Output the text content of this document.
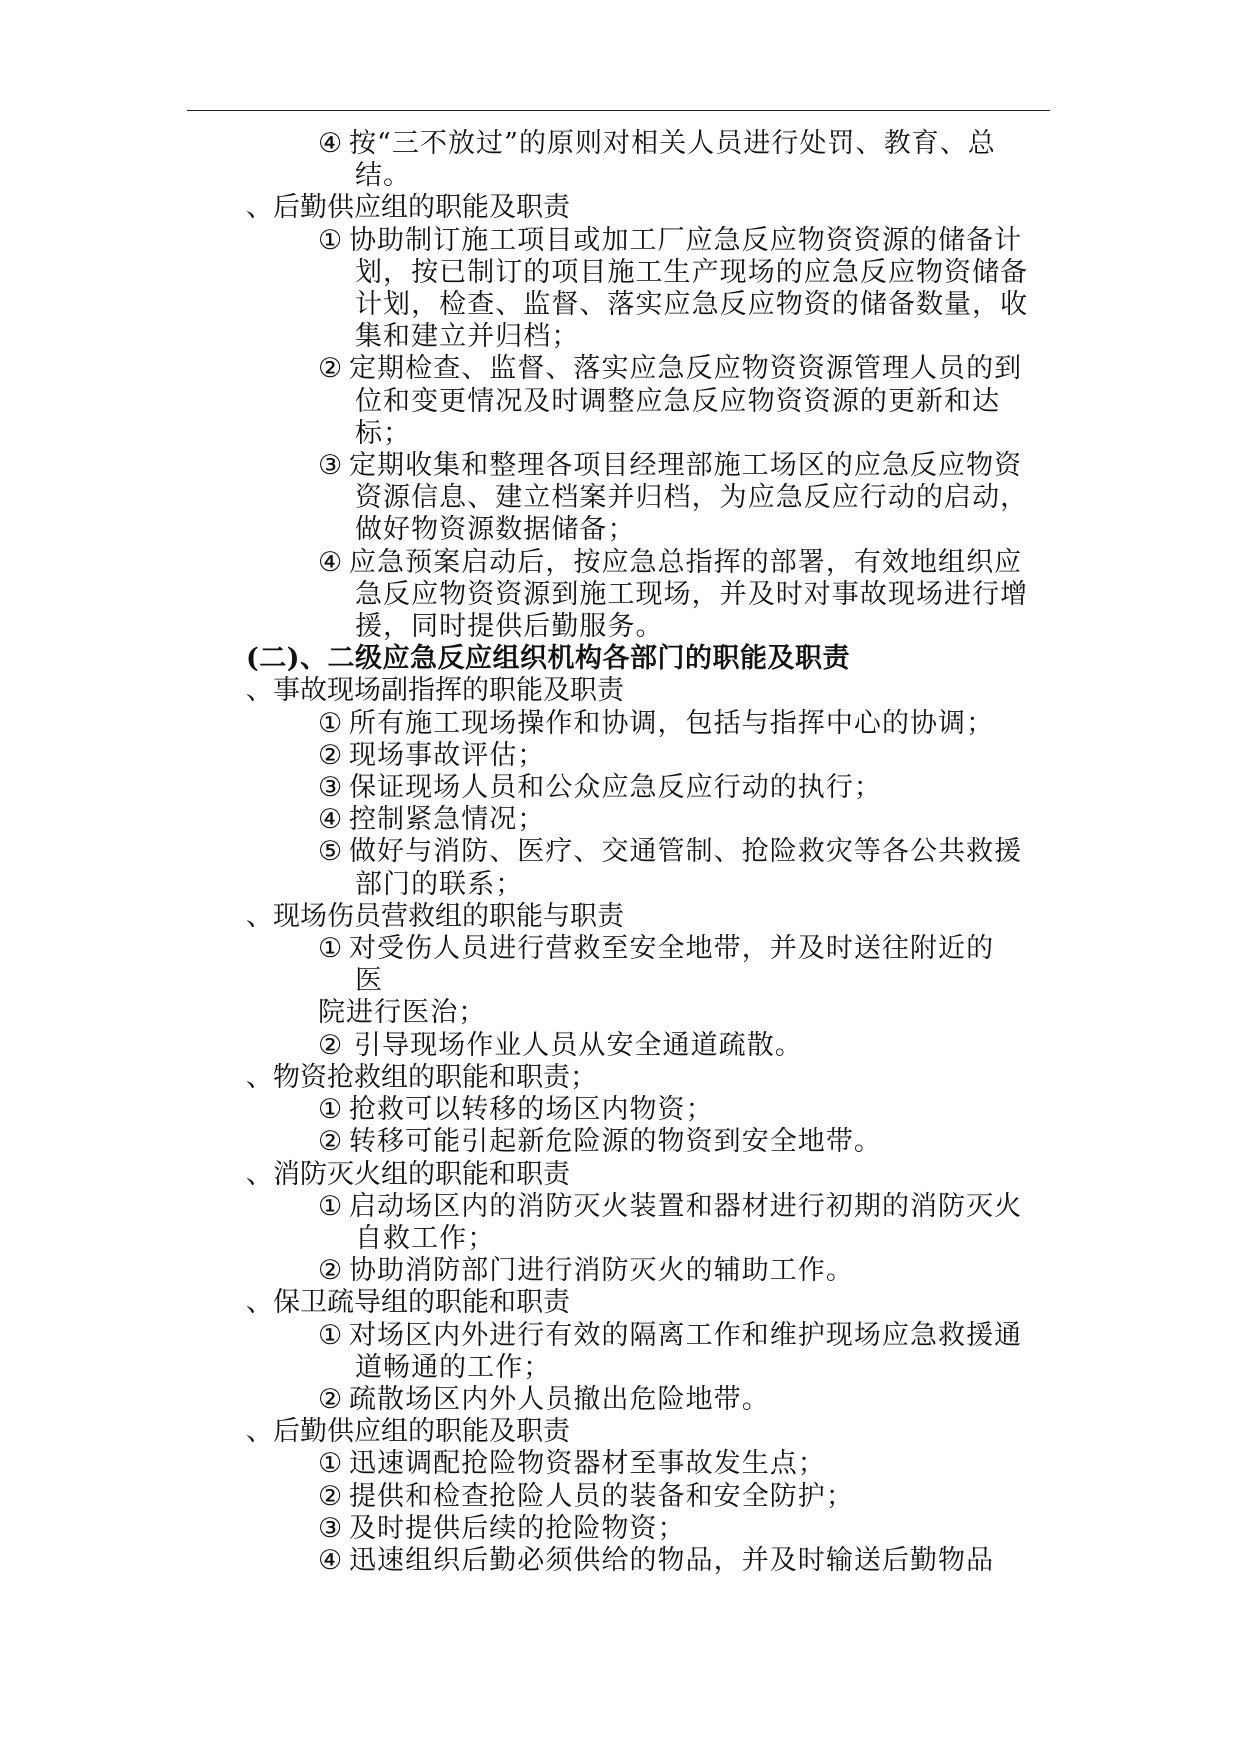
④ 按“三不放过”的原则对相关人员进行处罚、教育、总结。
、后勤供应组的职能及职责
① 协助制订施工项目或加工厂应急反应物资资源的储备计划，按已制订的项目施工生产现场的应急反应物资储备计划，检查、监督、落实应急反应物资的储备数量，收集和建立并归档；
② 定期检查、监督、落实应急反应物资资源管理人员的到位和变更情况及时调整应急反应物资资源的更新和达标；
③ 定期收集和整理各项目经理部施工场区的应急反应物资资源信息、建立档案并归档，为应急反应行动的启动，做好物资源数据储备；
④ 应急预案启动后，按应急总指挥的部署，有效地组织应急反应物资资源到施工现场，并及时对事故现场进行增援，同时提供后勤服务。
(二)、二级应急反应组织机构各部门的职能及职责
、事故现场副指挥的职能及职责
① 所有施工现场操作和协调，包括与指挥中心的协调；
② 现场事故评估；
③ 保证现场人员和公众应急反应行动的执行；
④ 控制紧急情况；
⑤ 做好与消防、医疗、交通管制、抢险救灾等各公共救援部门的联系；
、现场伤员营救组的职能与职责
① 对受伤人员进行营救至安全地带，并及时送往附近的
医
院进行医治；
② 引导现场作业人员从安全通道疏散。
、物资抢救组的职能和职责；
① 抢救可以转移的场区内物资；
② 转移可能引起新危险源的物资到安全地带。
、消防灭火组的职能和职责
① 启动场区内的消防灭火装置和器材进行初期的消防灭火自救工作；
② 协助消防部门进行消防灭火的辅助工作。
、保卫疏导组的职能和职责
① 对场区内外进行有效的隔离工作和维护现场应急救援通道畅通的工作；
② 疏散场区内外人员撤出危险地带。
、后勤供应组的职能及职责
① 迅速调配抢险物资器材至事故发生点；
② 提供和检查抢险人员的装备和安全防护；
③ 及时提供后续的抢险物资；
④ 迅速组织后勤必须供给的物品，并及时输送后勤物品
